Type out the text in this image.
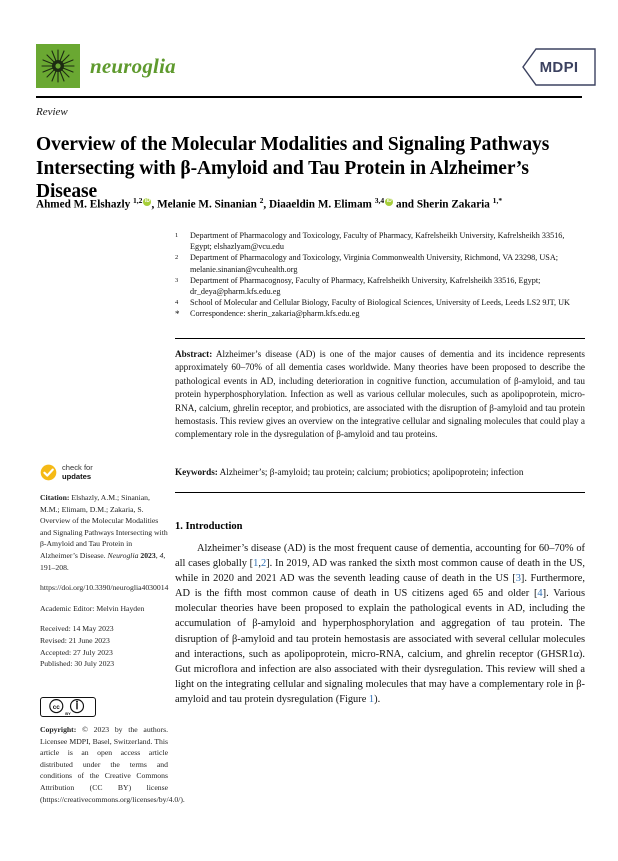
neuroglia	MDPI
Review
Overview of the Molecular Modalities and Signaling Pathways Intersecting with β-Amyloid and Tau Protein in Alzheimer’s Disease
Ahmed M. Elshazly $^{1,2}$ iD , Melanie M. Sinanian $^2$, Diaaeldin M. Elimam $^{3,4}$iD and Sherin Zakaria $^{1,*}$
1	Department of Pharmacology and Toxicology, Faculty of Pharmacy, Kafrelsheikh University, Kafrelsheikh 33516, Egypt; elshazlyam@vcu.edu
2	Department of Pharmacology and Toxicology, Virginia Commonwealth University, Richmond, VA 23298, USA; melanie.sinanian@vcuhealth.org
3	Department of Pharmacognosy, Faculty of Pharmacy, Kafrelsheikh University, Kafrelsheikh 33516, Egypt; dr_deya@pharm.kfs.edu.eg
4	School of Molecular and Cellular Biology, Faculty of Biological Sciences, University of Leeds, Leeds LS2 9JT, UK
*	Correspondence: sherin_zakaria@pharm.kfs.edu.eg
Abstract: Alzheimer’s disease (AD) is one of the major causes of dementia and its incidence represents approximately 60–70% of all dementia cases worldwide. Many theories have been proposed to describe the pathological events in AD, including deterioration in cognitive function, accumulation of β-amyloid, and tau protein hyperphosphorylation. Infection as well as various cellular molecules, such as apolipoprotein, micro-RNA, calcium, ghrelin receptor, and probiotics, are associated with the disruption of β-amyloid and tau protein hemostasis. This review gives an overview on the integrative cellular and signaling molecules that could play a complementary role in the dysregulation of β-amyloid and tau proteins.
Keywords: Alzheimer’s; β-amyloid; tau protein; calcium; probiotics; apolipoprotein; infection
1. Introduction
Alzheimer’s disease (AD) is the most frequent cause of dementia, accounting for 60–70% of all cases globally [1,2]. In 2019, AD was ranked the sixth most common cause of death in the US, while in 2020 and 2021 AD was the seventh leading cause of death in the US [3]. Furthermore, AD is the fifth most common cause of death in US citizens aged 65 and older [4]. Various molecular theories have been proposed to explain the pathological events in AD, including the accumulation of β-amyloid and hyperphosphorylation and aggregation of tau protein. The disruption of β-amyloid and tau protein hemostasis are associated with several cellular molecules and interactions, such as apolipoprotein, micro-RNA, calcium, and ghrelin receptor (GHSR1α). Gut microflora and infection are also associated with their dysregulation. This review will shed a light on the integrating cellular and signaling molecules that may have a complementary role in β-amyloid and tau protein dysregulation (Figure 1).
check for
updates
Citation: Elshazly, A.M.; Sinanian, M.M.; Elimam, D.M.; Zakaria, S. Overview of the Molecular Modalities and Signaling Pathways Intersecting with β-Amyloid and Tau Protein in Alzheimer’s Disease. Neuroglia 2023, 4, 191–208.
https://doi.org/10.3390/neuroglia4030014
Academic Editor: Melvin Hayden
Received: 14 May 2023
Revised: 21 June 2023
Accepted: 27 July 2023
Published: 30 July 2023
cc
BY
Copyright: © 2023 by the authors. Licensee MDPI, Basel, Switzerland. This article is an open access article distributed under the terms and conditions of the Creative Commons Attribution (CC BY) license (https://creativecommons.org/licenses/by/4.0/).
